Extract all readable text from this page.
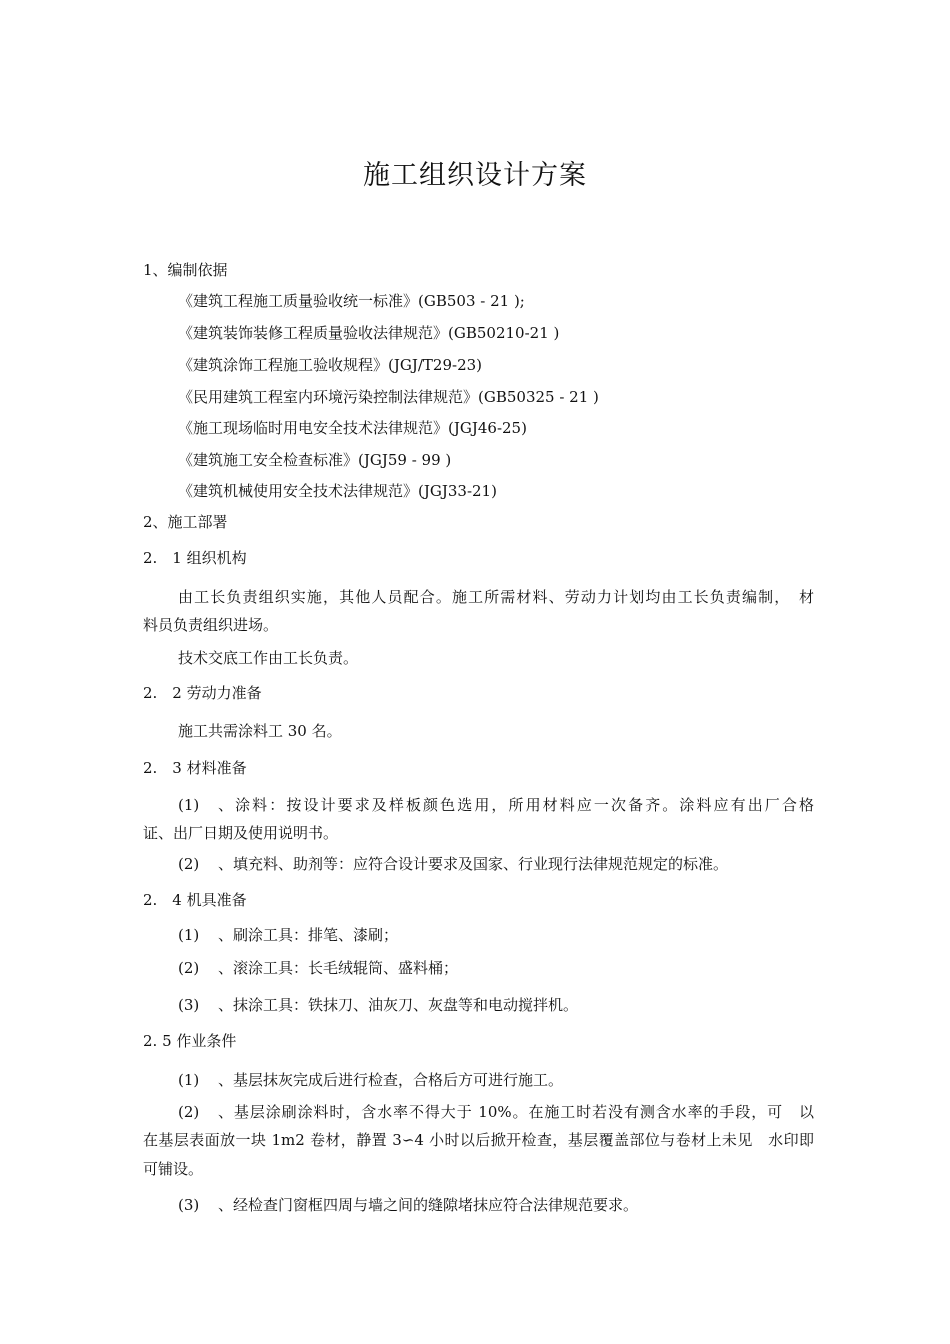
施工组织设计方案
1、编制依据
《建筑工程施工质量验收统一标准》(GB503 - 21 );
《建筑装饰装修工程质量验收法律规范》(GB50210-21 )
《建筑涂饰工程施工验收规程》(JGJ/T29-23)
《民用建筑工程室内环境污染控制法律规范》(GB50325 - 21 )
《施工现场临时用电安全技术法律规范》(JGJ46-25)
《建筑施工安全检查标准》(JGJ59 - 99 )
《建筑机械使用安全技术法律规范》(JGJ33-21)
2、施工部署
2.　1 组织机构
由工长负责组织实施，其他人员配合。施工所需材料、劳动力计划均由工长负责编制，　材
料员负责组织进场。
技术交底工作由工长负责。
2.　2 劳动力准备
施工共需涂料工 30 名。
2.　3 材料准备
(1) 、涂料：按设计要求及样板颜色选用，所用材料应一次备齐。涂料应有出厂合格
证、出厂日期及使用说明书。
(2) 、填充料、助剂等：应符合设计要求及国家、行业现行法律规范规定的标准。
2.　4 机具准备
(1) 、刷涂工具：排笔、漆刷；
(2) 、滚涂工具：长毛绒辊筒、盛料桶；
(3) 、抹涂工具：铁抹刀、油灰刀、灰盘等和电动搅拌机。
2. 5 作业条件
(1) 、基层抹灰完成后进行检查，合格后方可进行施工。
(2) 、基层涂刷涂料时，含水率不得大于 10%。在施工时若没有测含水率的手段，可　以
在基层表面放一块 1m2 卷材，静置 3∽4 小时以后掀开检查，基层覆盖部位与卷材上未见　水印即
可铺设。
(3) 、经检查门窗框四周与墙之间的缝隙堵抹应符合法律规范要求。
